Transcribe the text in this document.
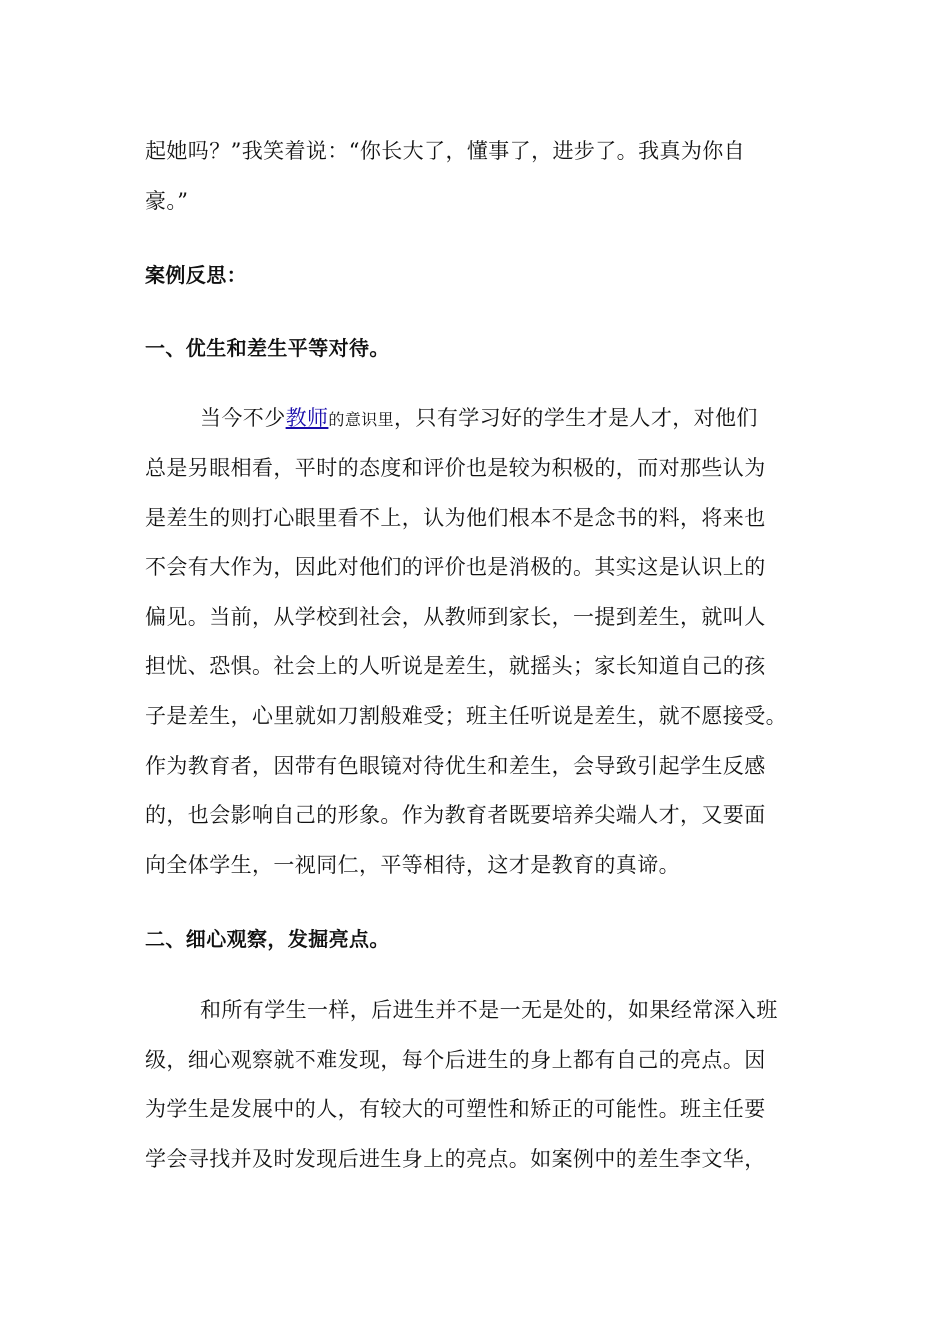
起她吗？”我笑着说：“你长大了，懂事了，进步了。我真为你自
豪。”
案例反思：
一、优生和差生平等对待。
当今不少教师的意识里，只有学习好的学生才是人才，对他们
总是另眼相看，平时的态度和评价也是较为积极的，而对那些认为
是差生的则打心眼里看不上，认为他们根本不是念书的料，将来也
不会有大作为，因此对他们的评价也是消极的。其实这是认识上的
偏见。当前，从学校到社会，从教师到家长，一提到差生，就叫人
担忧、恐惧。社会上的人听说是差生，就摇头；家长知道自己的孩
子是差生，心里就如刀割般难受；班主任听说是差生，就不愿接受。
作为教育者，因带有色眼镜对待优生和差生，会导致引起学生反感
的，也会影响自己的形象。作为教育者既要培养尖端人才，又要面
向全体学生，一视同仁，平等相待，这才是教育的真谛。
二、细心观察，发掘亮点。
和所有学生一样，后进生并不是一无是处的，如果经常深入班
级，细心观察就不难发现，每个后进生的身上都有自己的亮点。因
为学生是发展中的人，有较大的可塑性和矫正的可能性。班主任要
学会寻找并及时发现后进生身上的亮点。如案例中的差生李文华，
